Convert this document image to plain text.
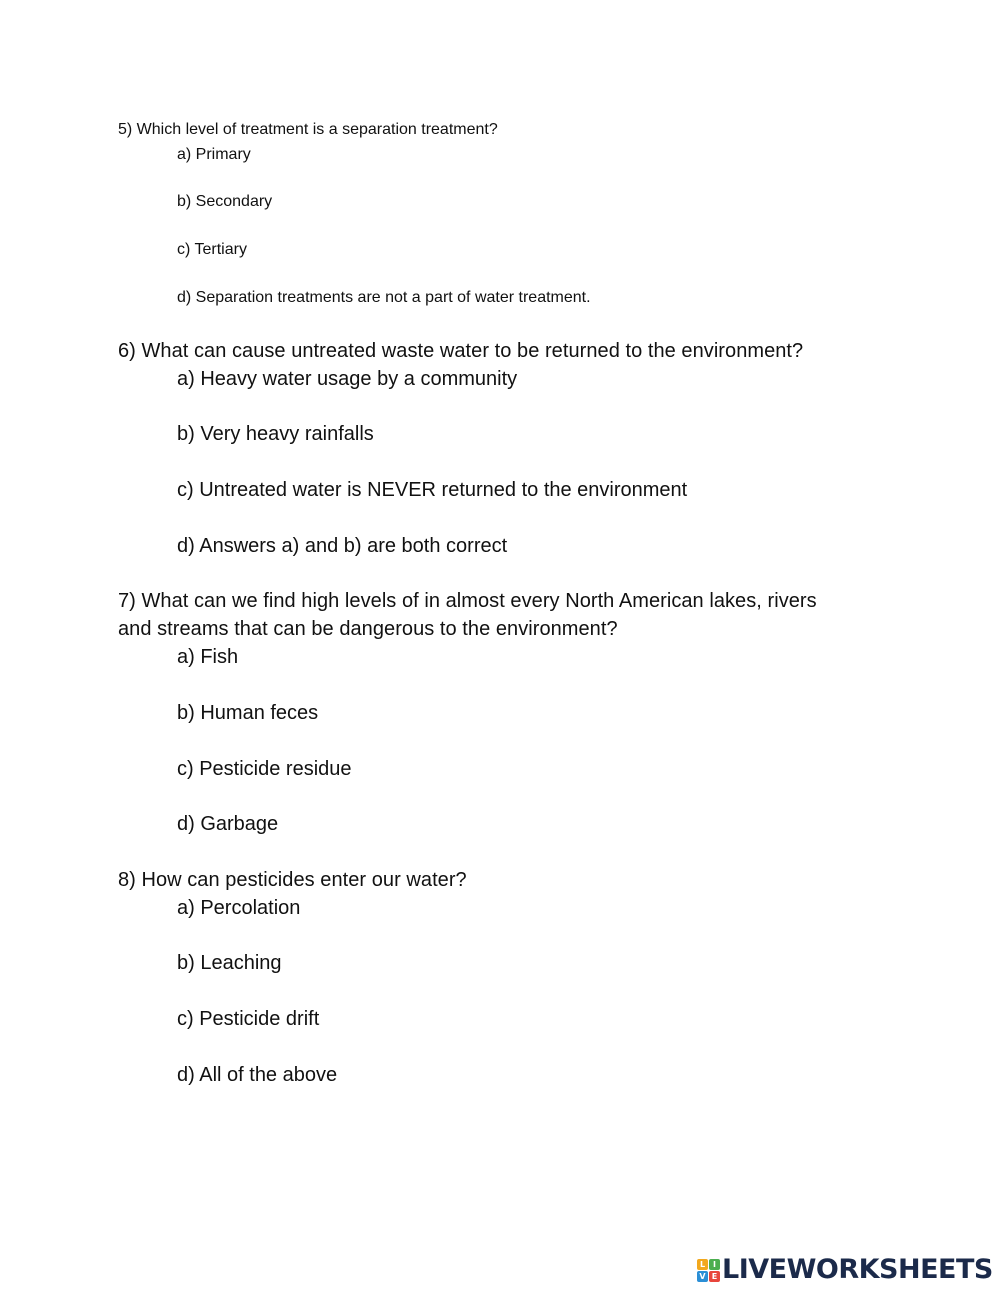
5) Which level of treatment is a separation treatment?
a) Primary
b) Secondary
c) Tertiary
d) Separation treatments are not a part of water treatment.
6) What can cause untreated waste water to be returned to the environment?
a) Heavy water usage by a community
b) Very heavy rainfalls
c) Untreated water is NEVER returned to the environment
d) Answers a) and b) are both correct
7) What can we find high levels of in almost every North American lakes, rivers
and streams that can be dangerous to the environment?
a) Fish
b) Human feces
c) Pesticide residue
d) Garbage
8) How can pesticides enter our water?
a) Percolation
b) Leaching
c) Pesticide drift
d) All of the above
L I
V E LIVEWORKSHEETS
